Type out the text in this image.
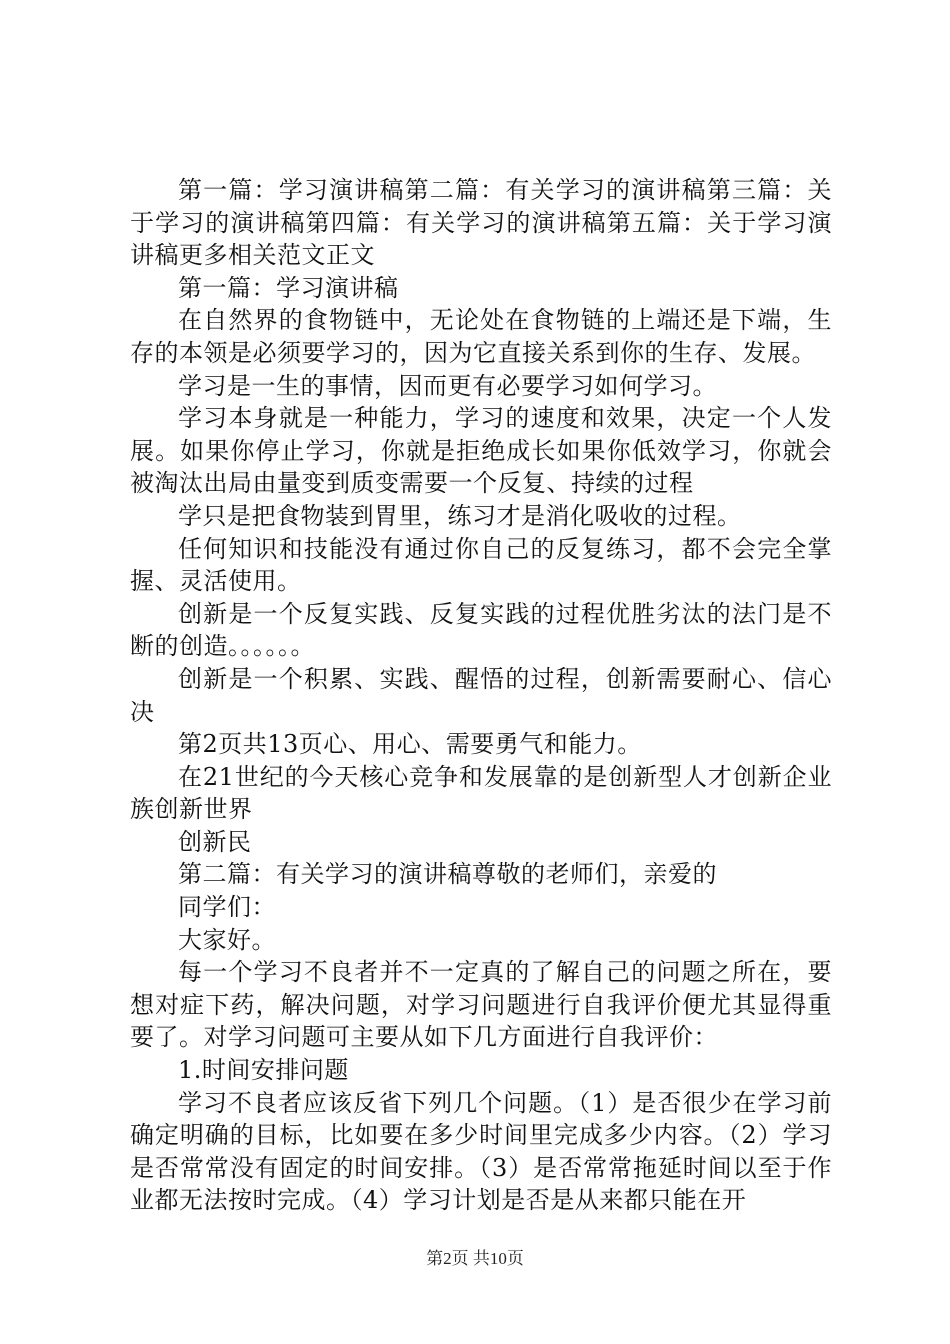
第一篇：学习演讲稿第二篇：有关学习的演讲稿第三篇：关于学习的演讲稿第四篇：有关学习的演讲稿第五篇：关于学习演讲稿更多相关范文正文

第一篇：学习演讲稿

在自然界的食物链中，无论处在食物链的上端还是下端，生存的本领是必须要学习的，因为它直接关系到你的生存、发展。

学习是一生的事情，因而更有必要学习如何学习。

学习本身就是一种能力，学习的速度和效果，决定一个人发展。如果你停止学习，你就是拒绝成长如果你低效学习，你就会被淘汰出局由量变到质变需要一个反复、持续的过程

学只是把食物装到胃里，练习才是消化吸收的过程。

任何知识和技能没有通过你自己的反复练习，都不会完全掌握、灵活使用。

创新是一个反复实践、反复实践的过程优胜劣汰的法门是不断的创造。。。。。。

创新是一个积累、实践、醒悟的过程，创新需要耐心、信心决

第2页共13页心、用心、需要勇气和能力。

在21世纪的今天核心竞争和发展靠的是创新型人才创新企业族创新世界

创新民

第二篇：有关学习的演讲稿尊敬的老师们，亲爱的

同学们：

大家好。

每一个学习不良者并不一定真的了解自己的问题之所在，要想对症下药，解决问题，对学习问题进行自我评价便尤其显得重要了。对学习问题可主要从如下几方面进行自我评价：

1.时间安排问题

学习不良者应该反省下列几个问题。（1）是否很少在学习前确定明确的目标，比如要在多少时间里完成多少内容。（2）学习是否常常没有固定的时间安排。（3）是否常常拖延时间以至于作业都无法按时完成。（4）学习计划是否是从来都只能在开

第2页 共10页
